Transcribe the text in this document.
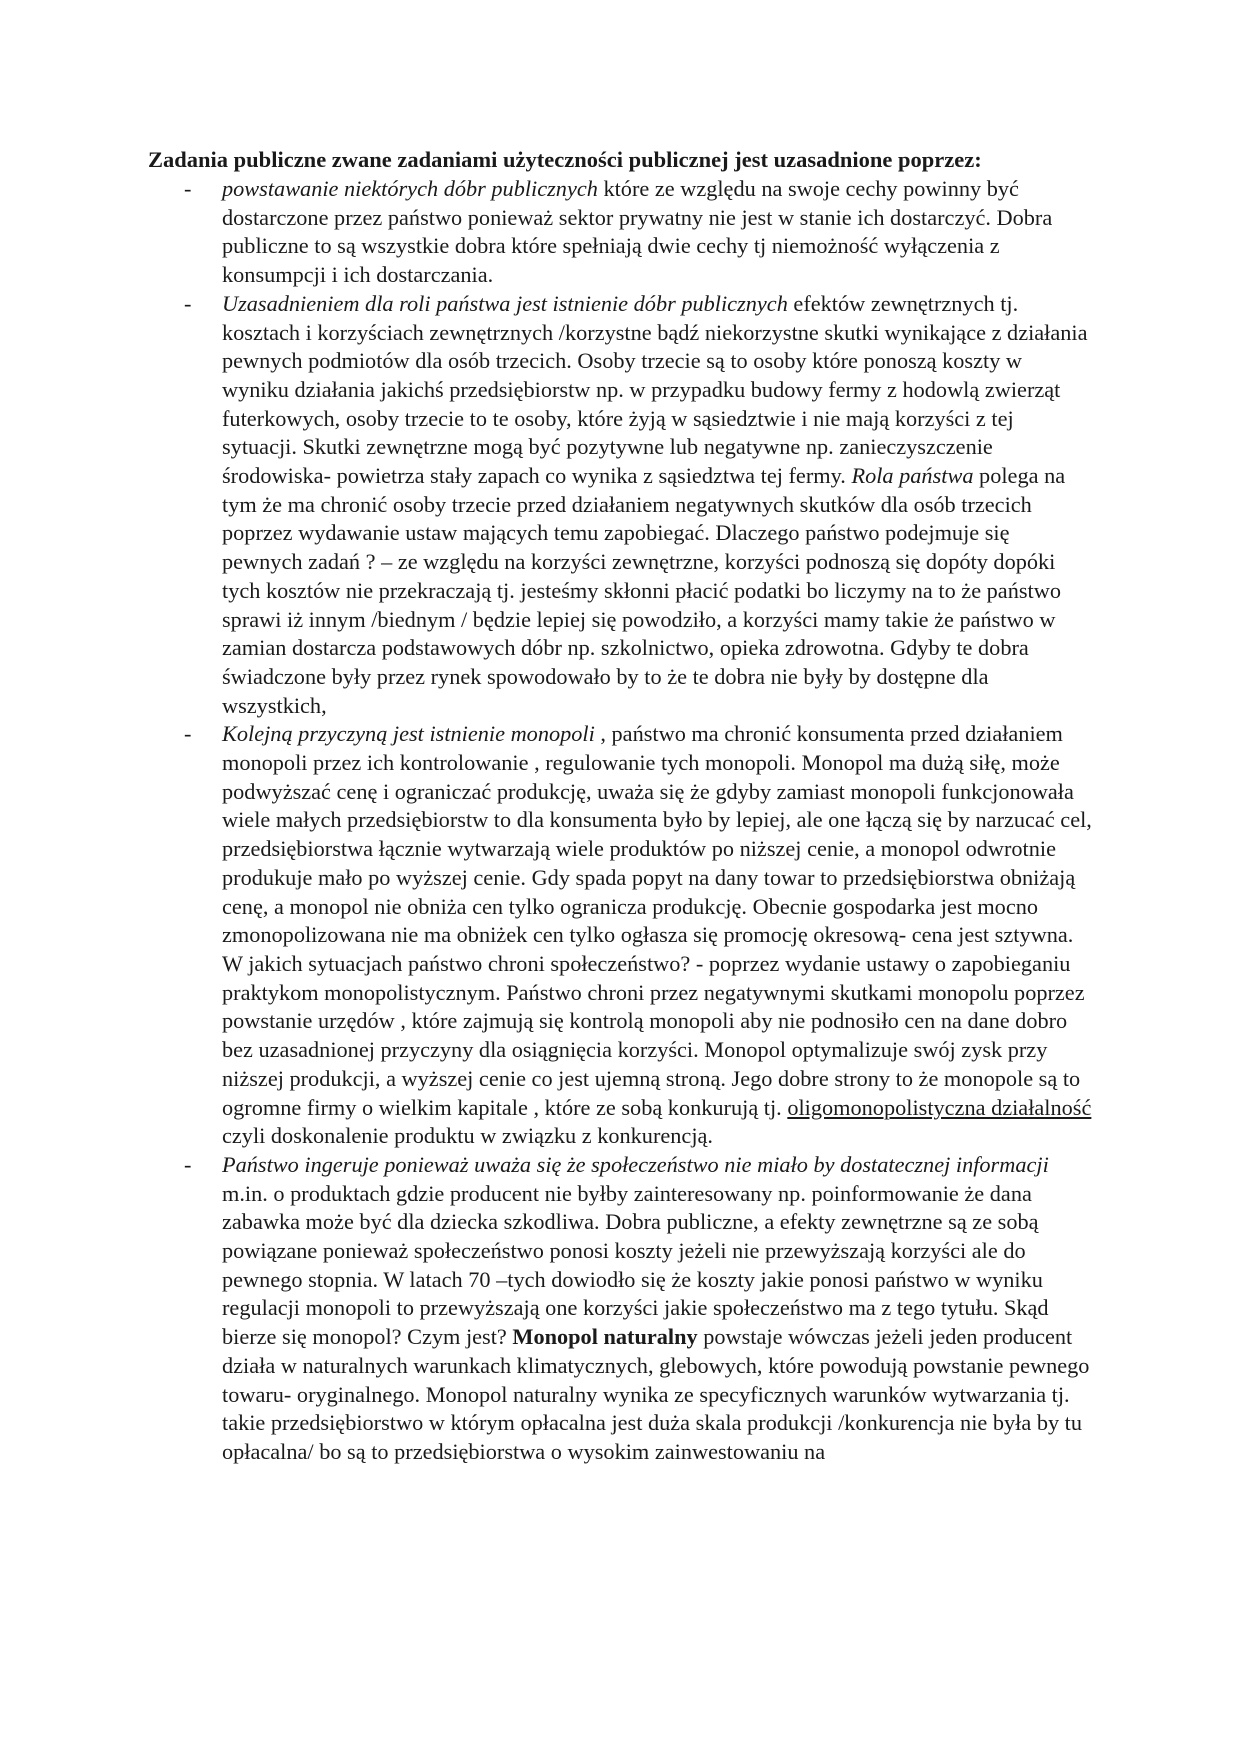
Zadania publiczne zwane zadaniami użyteczności publicznej jest uzasadnione poprzez:
-	powstawanie niektórych dóbr publicznych które ze względu na swoje cechy powinny być dostarczone przez państwo ponieważ sektor prywatny nie jest w stanie ich dostarczyć. Dobra publiczne to są wszystkie dobra które spełniają dwie cechy tj niemożność wyłączenia z konsumpcji i ich dostarczania.
-	Uzasadnieniem dla roli państwa jest istnienie dóbr publicznych efektów zewnętrznych tj. kosztach i korzyściach zewnętrznych /korzystne bądź niekorzystne skutki wynikające z działania pewnych podmiotów dla osób trzecich. Osoby trzecie są to osoby które ponoszą koszty w wyniku działania jakichś przedsiębiorstw np. w przypadku budowy fermy z hodowlą zwierząt futerkowych, osoby trzecie to te osoby, które żyją w sąsiedztwie i nie mają korzyści z tej sytuacji. Skutki zewnętrzne mogą być pozytywne lub negatywne np. zanieczyszczenie środowiska- powietrza stały zapach co wynika z sąsiedztwa tej fermy. Rola państwa polega na tym że ma chronić osoby trzecie przed działaniem negatywnych skutków dla osób trzecich poprzez wydawanie ustaw mających temu zapobiegać. Dlaczego państwo podejmuje się pewnych zadań ? – ze względu na korzyści zewnętrzne, korzyści podnoszą się dopóty dopóki tych kosztów nie przekraczają tj. jesteśmy skłonni płacić podatki bo liczymy na to że państwo sprawi iż innym /biednym / będzie lepiej się powodziło, a korzyści mamy takie że państwo w zamian dostarcza podstawowych dóbr np. szkolnictwo, opieka zdrowotna. Gdyby te dobra świadczone były przez rynek spowodowało by to że te dobra nie były by dostępne dla wszystkich,
-	Kolejną przyczyną jest istnienie monopoli , państwo ma chronić konsumenta przed działaniem monopoli przez ich kontrolowanie , regulowanie tych monopoli. Monopol ma dużą siłę, może podwyższać cenę i ograniczać produkcję, uważa się że gdyby zamiast monopoli funkcjonowała wiele małych przedsiębiorstw to dla konsumenta było by lepiej, ale one łączą się by narzucać cel, przedsiębiorstwa łącznie wytwarzają wiele produktów po niższej cenie, a monopol odwrotnie produkuje mało po wyższej cenie. Gdy spada popyt na dany towar to przedsiębiorstwa obniżają cenę, a monopol nie obniża cen tylko ogranicza produkcję. Obecnie gospodarka jest mocno zmonopolizowana nie ma obniżek cen tylko ogłasza się promocję okresową- cena jest sztywna. W jakich sytuacjach państwo chroni społeczeństwo? - poprzez wydanie ustawy o zapobieganiu praktykom monopolistycznym. Państwo chroni przez negatywnymi skutkami monopolu poprzez powstanie urzędów , które zajmują się kontrolą monopoli aby nie podnosiło cen na dane dobro bez uzasadnionej przyczyny dla osiągnięcia korzyści. Monopol optymalizuje swój zysk przy niższej produkcji, a wyższej cenie co jest ujemną stroną. Jego dobre strony to że monopole są to ogromne firmy o wielkim kapitale , które ze sobą konkurują tj. oligomonopolistyczna działalność czyli doskonalenie produktu w związku z konkurencją.
-	Państwo ingeruje ponieważ uważa się że społeczeństwo nie miało by dostatecznej informacji m.in. o produktach gdzie producent nie byłby zainteresowany np. poinformowanie że dana zabawka może być dla dziecka szkodliwa. Dobra publiczne, a efekty zewnętrzne są ze sobą powiązane ponieważ społeczeństwo ponosi koszty jeżeli nie przewyższają korzyści ale do pewnego stopnia. W latach 70 –tych dowiodło się że koszty jakie ponosi państwo w wyniku regulacji monopoli to przewyższają one korzyści jakie społeczeństwo ma z tego tytułu. Skąd bierze się monopol? Czym jest? Monopol naturalny powstaje wówczas jeżeli jeden producent działa w naturalnych warunkach klimatycznych, glebowych, które powodują powstanie pewnego towaru- oryginalnego. Monopol naturalny wynika ze specyficznych warunków wytwarzania tj. takie przedsiębiorstwo w którym opłacalna jest duża skala produkcji /konkurencja nie była by tu opłacalna/ bo są to przedsiębiorstwa o wysokim zainwestowaniu na
